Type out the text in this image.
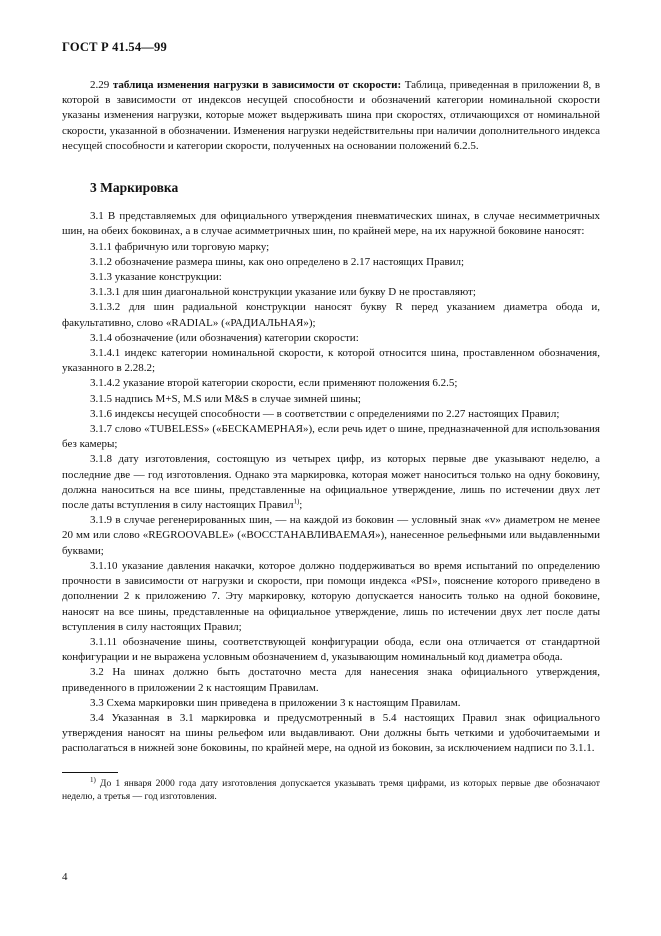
ГОСТ Р 41.54—99

2.29 таблица изменения нагрузки в зависимости от скорости: Таблица, приведенная в приложении 8, в которой в зависимости от индексов несущей способности и обозначений категории номинальной скорости указаны изменения нагрузки, которые может выдерживать шина при скоростях, отличающихся от номинальной скорости, указанной в обозначении. Изменения нагрузки недействительны при наличии дополнительного индекса несущей способности и категории скорости, полученных на основании положений 6.2.5.

3 Маркировка

3.1 В представляемых для официального утверждения пневматических шинах, в случае несимметричных шин, на обеих боковинах, а в случае асимметричных шин, по крайней мере, на их наружной боковине наносят:

3.1.1 фабричную или торговую марку;

3.1.2 обозначение размера шины, как оно определено в 2.17 настоящих Правил;

3.1.3 указание конструкции:

3.1.3.1 для шин диагональной конструкции указание или букву D не проставляют;

3.1.3.2 для шин радиальной конструкции наносят букву R перед указанием диаметра обода и, факультативно, слово «RADIAL» («РАДИАЛЬНАЯ»);

3.1.4 обозначение (или обозначения) категории скорости:

3.1.4.1 индекс категории номинальной скорости, к которой относится шина, проставленном обозначения, указанного в 2.28.2;

3.1.4.2 указание второй категории скорости, если применяют положения 6.2.5;

3.1.5 надпись M+S, M.S или M&S в случае зимней шины;

3.1.6 индексы несущей способности — в соответствии с определениями по 2.27 настоящих Правил;

3.1.7 слово «TUBELESS» («БЕСКАМЕРНАЯ»), если речь идет о шине, предназначенной для использования без камеры;

3.1.8 дату изготовления, состоящую из четырех цифр, из которых первые две указывают неделю, а последние две — год изготовления. Однако эта маркировка, которая может наноситься только на одну боковину, должна наноситься на все шины, представленные на официальное утверждение, лишь по истечении двух лет после даты вступления в силу настоящих Правил$^{1)}$;

3.1.9 в случае регенерированных шин, — на каждой из боковин — условный знак «v» диаметром не менее 20 мм или слово «REGROOVABLE» («ВОССТАНАВЛИВАЕМАЯ»), нанесенное рельефными или выдавленными буквами;

3.1.10 указание давления накачки, которое должно поддерживаться во время испытаний по определению прочности в зависимости от нагрузки и скорости, при помощи индекса «PSI», пояснение которого приведено в дополнении 2 к приложению 7. Эту маркировку, которую допускается наносить только на одной боковине, наносят на все шины, представленные на официальное утверждение, лишь по истечении двух лет после даты вступления в силу настоящих Правил;

3.1.11 обозначение шины, соответствующей конфигурации обода, если она отличается от стандартной конфигурации и не выражена условным обозначением d, указывающим номинальный код диаметра обода.

3.2 На шинах должно быть достаточно места для нанесения знака официального утверждения, приведенного в приложении 2 к настоящим Правилам.

3.3 Схема маркировки шин приведена в приложении 3 к настоящим Правилам.

3.4 Указанная в 3.1 маркировка и предусмотренный в 5.4 настоящих Правил знак официального утверждения наносят на шины рельефом или выдавливают. Они должны быть четкими и удобочитаемыми и располагаться в нижней зоне боковины, по крайней мере, на одной из боковин, за исключением надписи по 3.1.1.

$^{1)}$ До 1 января 2000 года дату изготовления допускается указывать тремя цифрами, из которых первые две обозначают неделю, а третья — год изготовления.

4
